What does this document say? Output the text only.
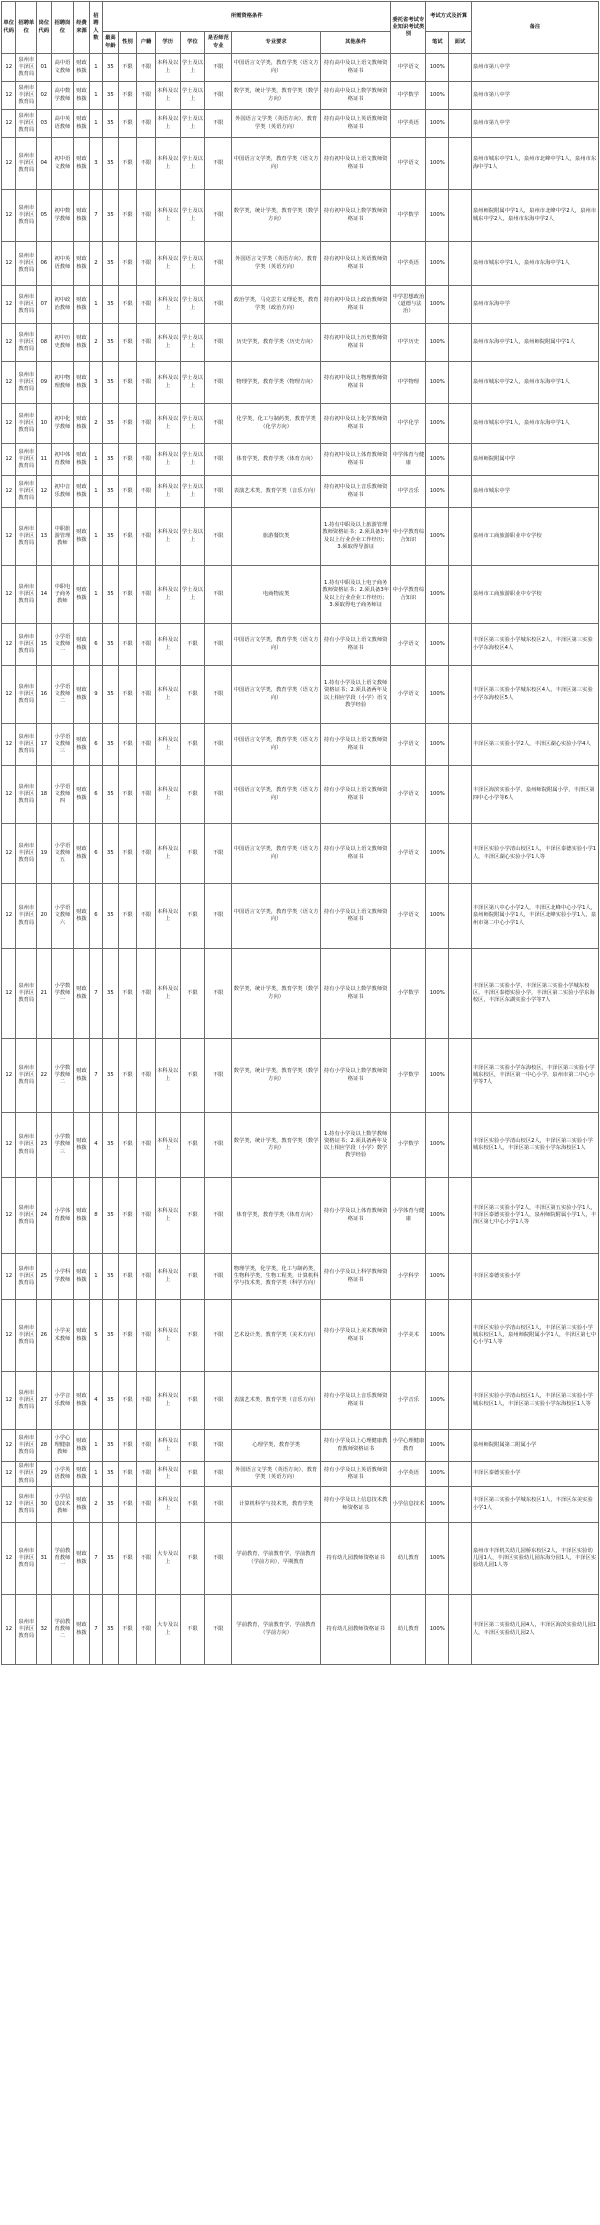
单位代码	招聘单位	岗位代码	招聘岗位	经费来源	招聘人数	所需资格条件								委托省考试专业知识考试类别	考试方式及折算		备注
						最高年龄	性别	户籍	学历	学位	是否师范专业	专业要求	其他条件		笔试	面试	
12	泉州市丰泽区教育局	01	高中语文教师	财政核拨	1	35	不限	不限	本科及以上	学士及以上	不限	中国语言文学类，教育学类（语文方向）	持有高中及以上语文教师资格证书	中学语文	100%		泉州市第八中学
12	泉州市丰泽区教育局	02	高中数学教师	财政核拨	1	35	不限	不限	本科及以上	学士及以上	不限	数学类，统计学类，教育学类（数学方向）	持有高中及以上数学教师资格证书	中学数学	100%		泉州市第八中学
12	泉州市丰泽区教育局	03	高中英语教师	财政核拨	1	35	不限	不限	本科及以上	学士及以上	不限	外国语言文学类（英语方向），教育学类（英语方向）	持有高中及以上英语教师资格证书	中学英语	100%		泉州市第九中学
12	泉州市丰泽区教育局	04	初中语文教师	财政核拨	3	35	不限	不限	本科及以上	学士及以上	不限	中国语言文学类，教育学类（语文方向）	持有初中及以上语文教师资格证书	中学语文	100%		泉州市城东中学1人，泉州市北峰中学1人，泉州市东海中学1人
12	泉州市丰泽区教育局	05	初中数学教师	财政核拨	7	35	不限	不限	本科及以上	学士及以上	不限	数学类，统计学类，教育学类（数学方向）	持有初中及以上数学教师资格证书	中学数学	100%		泉州师院附属中学1人，泉州市北峰中学2人，泉州市城东中学2人，泉州市东海中学2人
12	泉州市丰泽区教育局	06	初中英语教师	财政核拨	2	35	不限	不限	本科及以上	学士及以上	不限	外国语言文学类（英语方向），教育学类（英语方向）	持有初中及以上英语教师资格证书	中学英语	100%		泉州市城东中学1人，泉州市东海中学1人
12	泉州市丰泽区教育局	07	初中政治教师	财政核拨	1	35	不限	不限	本科及以上	学士及以上	不限	政治学类，马克思主义理论类，教育学类（政治方向）	持有初中及以上政治教师资格证书	中学思想政治（道德与法治）	100%		泉州市东海中学
12	泉州市丰泽区教育局	08	初中历史教师	财政核拨	2	35	不限	不限	本科及以上	学士及以上	不限	历史学类，教育学类（历史方向）	持有初中及以上历史教师资格证书	中学历史	100%		泉州市东海中学1人，泉州师院附属中学1人
12	泉州市丰泽区教育局	09	初中物理教师	财政核拨	3	35	不限	不限	本科及以上	学士及以上	不限	物理学类，教育学类（物理方向）	持有初中及以上物理教师资格证书	中学物理	100%		泉州市城东中学2人，泉州市东海中学1人
12	泉州市丰泽区教育局	10	初中化学教师	财政核拨	2	35	不限	不限	本科及以上	学士及以上	不限	化学类，化工与制药类，教育学类（化学方向）	持有初中及以上化学教师资格证书	中学化学	100%		泉州市城东中学1人，泉州市东海中学1人
12	泉州市丰泽区教育局	11	初中体育教师	财政核拨	1	35	不限	不限	本科及以上	学士及以上	不限	体育学类，教育学类（体育方向）	持有初中及以上体育教师资格证书	中学体育与健康	100%		泉州师院附属中学
12	泉州市丰泽区教育局	12	初中音乐教师	财政核拨	1	35	不限	不限	本科及以上	学士及以上	不限	表演艺术类，教育学类（音乐方向）	持有初中及以上音乐教师资格证书	中学音乐	100%		泉州市城东中学
12	泉州市丰泽区教育局	13	中职旅游管理教师	财政核拨	1	35	不限	不限	本科及以上	学士及以上	不限	旅游餐饮类	1.持有中职及以上旅游管理教师资格证书；2.须具备3年及以上行业企业工作经历；3.须取得导游证	中小学教育综合知识	100%		泉州市工商旅游职业中专学校
12	泉州市丰泽区教育局	14	中职电子商务教师	财政核拨	1	35	不限	不限	本科及以上	学士及以上	不限	电商物流类	1.持有中职及以上电子商务教师资格证书；2.须具备3年及以上行业企业工作经历；3.须取得电子商务师证	中小学教育综合知识	100%		泉州市工商旅游职业中专学校
12	泉州市丰泽区教育局	15	小学语文教师一	财政核拨	6	35	不限	不限	本科及以上	不限	不限	中国语言文学类，教育学类（语文方向）	持有小学及以上语文教师资格证书	小学语文	100%		丰泽区第三实验小学城东校区2人，丰泽区第三实验小学东海校区4人
12	泉州市丰泽区教育局	16	小学语文教师二	财政核拨	9	35	不限	不限	本科及以上	不限	不限	中国语言文学类，教育学类（语文方向）	1.持有小学及以上语文教师资格证书；2.须具备两年及以上相应学段（小学）语文教学经验	小学语文	100%		丰泽区第三实验小学城东校区4人，丰泽区第三实验小学东海校区5人
12	泉州市丰泽区教育局	17	小学语文教师三	财政核拨	6	35	不限	不限	本科及以上	不限	不限	中国语言文学类，教育学类（语文方向）	持有小学及以上语文教师资格证书	小学语文	100%		丰泽区第三实验小学2人，丰泽区湖心实验小学4人
12	泉州市丰泽区教育局	18	小学语文教师四	财政核拨	6	35	不限	不限	本科及以上	不限	不限	中国语言文学类，教育学类（语文方向）	持有小学及以上语文教师资格证书	小学语文	100%		丰泽区海滨实验小学，泉州师院附属小学，丰泽区第四中心小学等6人
12	泉州市丰泽区教育局	19	小学语文教师五	财政核拨	6	35	不限	不限	本科及以上	不限	不限	中国语言文学类，教育学类（语文方向）	持有小学及以上语文教师资格证书	小学语文	100%		丰泽区实验小学清山校区1人，丰泽区泰德实验小学1人，丰泽区湖心实验小学1人等
12	泉州市丰泽区教育局	20	小学语文教师六	财政核拨	6	35	不限	不限	本科及以上	不限	不限	中国语言文学类，教育学类（语文方向）	持有小学及以上语文教师资格证书	小学语文	100%		丰泽区第八中心小学2人，丰泽区北峰中心小学1人，泉州师院附属小学1人，丰泽区北峰实验小学1人，泉州市第二中心小学1人
12	泉州市丰泽区教育局	21	小学数学教师一	财政核拨	7	35	不限	不限	本科及以上	不限	不限	数学类，统计学类，教育学类（数学方向）	持有小学及以上数学教师资格证书	小学数学	100%		丰泽区第二实验小学，丰泽区第三实验小学城东校区，丰泽区泰德实验小学，丰泽区第二实验小学东海校区，丰泽区东湖实验小学等7人
12	泉州市丰泽区教育局	22	小学数学教师二	财政核拨	7	35	不限	不限	本科及以上	不限	不限	数学类，统计学类，教育学类（数学方向）	持有小学及以上数学教师资格证书	小学数学	100%		丰泽区第二实验小学东海校区，丰泽区第三实验小学城东校区，丰泽区第一中心小学，泉州市第二中心小学等7人
12	泉州市丰泽区教育局	23	小学数学教师三	财政核拨	4	35	不限	不限	本科及以上	不限	不限	数学类，统计学类，教育学类（数学方向）	1.持有小学及以上数学教师资格证书；2.须具备两年及以上相应学段（小学）数学教学经验	小学数学	100%		丰泽区实验小学清山校区2人，丰泽区第三实验小学城东校区1人，丰泽区第三实验小学东海校区1人
12	泉州市丰泽区教育局	24	小学体育教师	财政核拨	8	35	不限	不限	本科及以上	不限	不限	体育学类，教育学类（体育方向）	持有小学及以上体育教师资格证书	小学体育与健康	100%		丰泽区第三实验小学2人，丰泽区第五实验小学1人，丰泽区泰德实验小学1人，泉州师院附属小学1人，丰泽区第七中心小学1人等
12	泉州市丰泽区教育局	25	小学科学教师	财政核拨	1	35	不限	不限	本科及以上	不限	不限	物理学类，化学类，化工与制药类，生物科学类，生物工程类，计算机科学与技术类，教育学类（科学方向）	持有小学及以上科学教师资格证书	小学科学	100%		丰泽区泰德实验小学
12	泉州市丰泽区教育局	26	小学美术教师	财政核拨	5	35	不限	不限	本科及以上	不限	不限	艺术设计类，教育学类（美术方向）	持有小学及以上美术教师资格证书	小学美术	100%		丰泽区实验小学清山校区1人，丰泽区第三实验小学城东校区1人，泉州师院附属小学1人，丰泽区第七中心小学1人等
12	泉州市丰泽区教育局	27	小学音乐教师	财政核拨	4	35	不限	不限	本科及以上	不限	不限	表演艺术类，教育学类（音乐方向）	持有小学及以上音乐教师资格证书	小学音乐	100%		丰泽区实验小学清山校区1人，丰泽区第三实验小学城东校区1人，丰泽区第三实验小学东海校区1人等
12	泉州市丰泽区教育局	28	小学心理健康教师	财政核拨	1	35	不限	不限	本科及以上	不限	不限	心理学类，教育学类	持有小学及以上心理健康教育教师资格证书	小学心理健康教育	100%		泉州师院附属第二附属小学
12	泉州市丰泽区教育局	29	小学英语教师	财政核拨	1	35	不限	不限	本科及以上	不限	不限	外国语言文学类（英语方向），教育学类（英语方向）	持有小学及以上英语教师资格证书	小学英语	100%		丰泽区泰德实验小学
12	泉州市丰泽区教育局	30	小学信息技术教师	财政核拨	2	35	不限	不限	本科及以上	不限	不限	计算机科学与技术类，教育学类	持有小学及以上信息技术教师资格证书	小学信息技术	100%		丰泽区第三实验小学城东校区1人，丰泽区东美实验小学1人
12	泉州市丰泽区教育局	31	学前教育教师一	财政核拨	7	35	不限	不限	大专及以上	不限	不限	学前教育，学前教育学，学前教育（学前方向），早期教育	持有幼儿园教师资格证书	幼儿教育	100%		泉州市丰泽机关幼儿园桥东校区2人，丰泽区实验幼儿园1人，丰泽区实验幼儿园东海分园1人，丰泽区实验幼儿园1人等
12	泉州市丰泽区教育局	32	学前教育教师二	财政核拨	7	35	不限	不限	大专及以上	不限	不限	学前教育，学前教育学，学前教育（学前方向）	持有幼儿园教师资格证书	幼儿教育	100%		丰泽区第二实验幼儿园4人，丰泽区海滨实验幼儿园1人，丰泽区实验幼儿园2人
